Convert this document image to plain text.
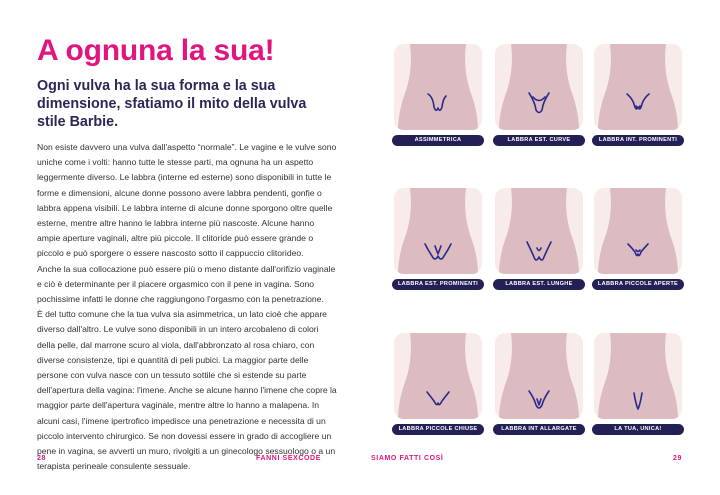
A ognuna la sua!
Ogni vulva ha la sua forma e la sua dimensione, sfatiamo il mito della vulva stile Barbie.

Non esiste davvero una vulva dall'aspetto “normale”. Le vagine e le vulve sono uniche come i volti: hanno tutte le stesse parti, ma ognuna ha un aspetto leggermente diverso. Le labbra (interne ed esterne) sono disponibili in tutte le forme e dimensioni, alcune donne possono avere labbra pendenti, gonfie o labbra appena visibili. Le labbra interne di alcune donne sporgono oltre quelle esterne, mentre altre hanno le labbra interne più nascoste. Alcune hanno ampie aperture vaginali, altre più piccole. Il clitoride può essere grande o piccolo e può sporgere o essere nascosto sotto il cappuccio clitorideo.

Anche la sua collocazione può essere più o meno distante dall'orifizio vaginale e ciò è determinante per il piacere orgasmico con il pene in vagina. Sono pochissime infatti le donne che raggiungono l'orgasmo con la penetrazione.

È del tutto comune che la tua vulva sia asimmetrica, un lato cioè che appare diverso dall'altro. Le vulve sono disponibili in un intero arcobaleno di colori della pelle, dal marrone scuro al viola, dall'abbronzato al rosa chiaro, con diverse consistenze, tipi e quantità di peli pubici. La maggior parte delle persone con vulva nasce con un tessuto sottile che si estende su parte dell'apertura della vagina: l'imene. Anche se alcune hanno l'imene che copre la maggior parte dell'apertura vaginale, mentre altre lo hanno a malapena. In alcuni casi, l'imene ipertrofico impedisce una penetrazione e necessita di un piccolo intervento chirurgico. Se non dovessi essere in grado di accogliere un pene in vagina, se avverti un muro, rivolgiti a un ginecologo sessuologo o a un terapista perineale consulente sessuale.

28	FANNI SEXCODE
ASSIMMETRICA	LABBRA EST. CURVE	LABBRA INT. PROMINENTI
LABBRA EST. PROMINENTI	LABBRA EST. LUNGHE	LABBRA PICCOLE APERTE
LABBRA PICCOLE CHIUSE	LABBRA INT ALLARGATE	LA TUA, UNICA!
SIAMO FATTI COSÌ	29
